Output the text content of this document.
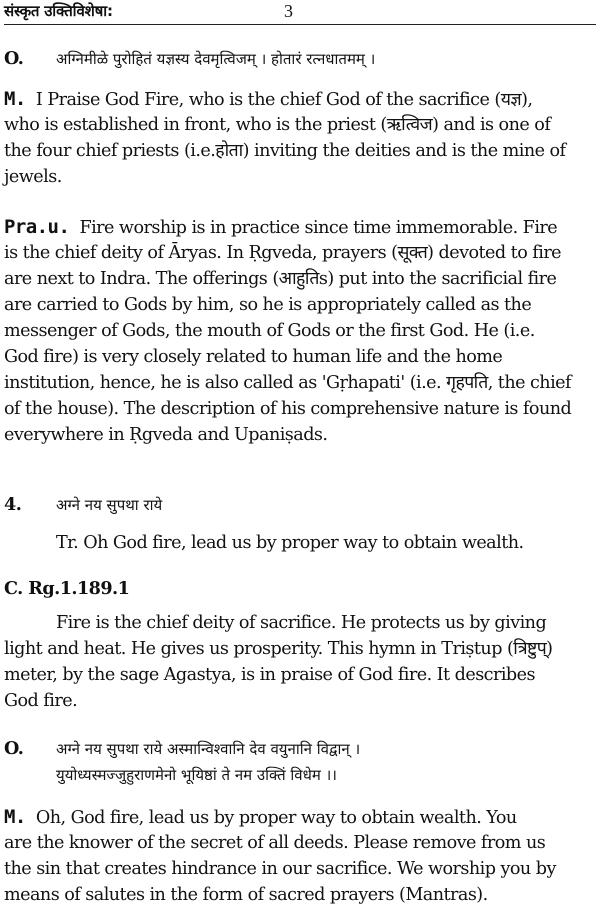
संस्कृत उक्तिविशेषा:	3
O. अग्निमीळे पुरोहितं यज्ञस्य देवमृत्विजम् । होतारं रत्नधातमम् ।
M. I Praise God Fire, who is the chief God of the sacrifice (यज्ञ),
who is established in front, who is the priest (ऋत्विज) and is one of
the four chief priests (i.e.होता) inviting the deities and is the mine of
jewels.
Pra.u. Fire worship is in practice since time immemorable. Fire
is the chief deity of Āryas. In Ṛgveda, prayers (सूक्त) devoted to fire
are next to Indra. The offerings (आहुतिs) put into the sacrificial fire
are carried to Gods by him, so he is appropriately called as the
messenger of Gods, the mouth of Gods or the first God. He (i.e.
God fire) is very closely related to human life and the home
institution, hence, he is also called as 'Gṛhapati' (i.e. गृहपति, the chief
of the house). The description of his comprehensive nature is found
everywhere in Ṛgveda and Upaniṣads.
4. अग्ने नय सुपथा राये
Tr. Oh God fire, lead us by proper way to obtain wealth.
C. Rg.1.189.1
Fire is the chief deity of sacrifice. He protects us by giving
light and heat. He gives us prosperity. This hymn in Triṣtup (त्रिष्टुप्)
meter, by the sage Agastya, is in praise of God fire. It describes
God fire.
O. अग्ने नय सुपथा राये अस्मान्विश्वानि देव वयुनानि विद्वान् ।
युयोध्यस्मज्जुहुराणमेनो भूयिष्ठां ते नम उक्तिं विधेम ।।
M. Oh, God fire, lead us by proper way to obtain wealth. You
are the knower of the secret of all deeds. Please remove from us
the sin that creates hindrance in our sacrifice. We worship you by
means of salutes in the form of sacred prayers (Mantras).
